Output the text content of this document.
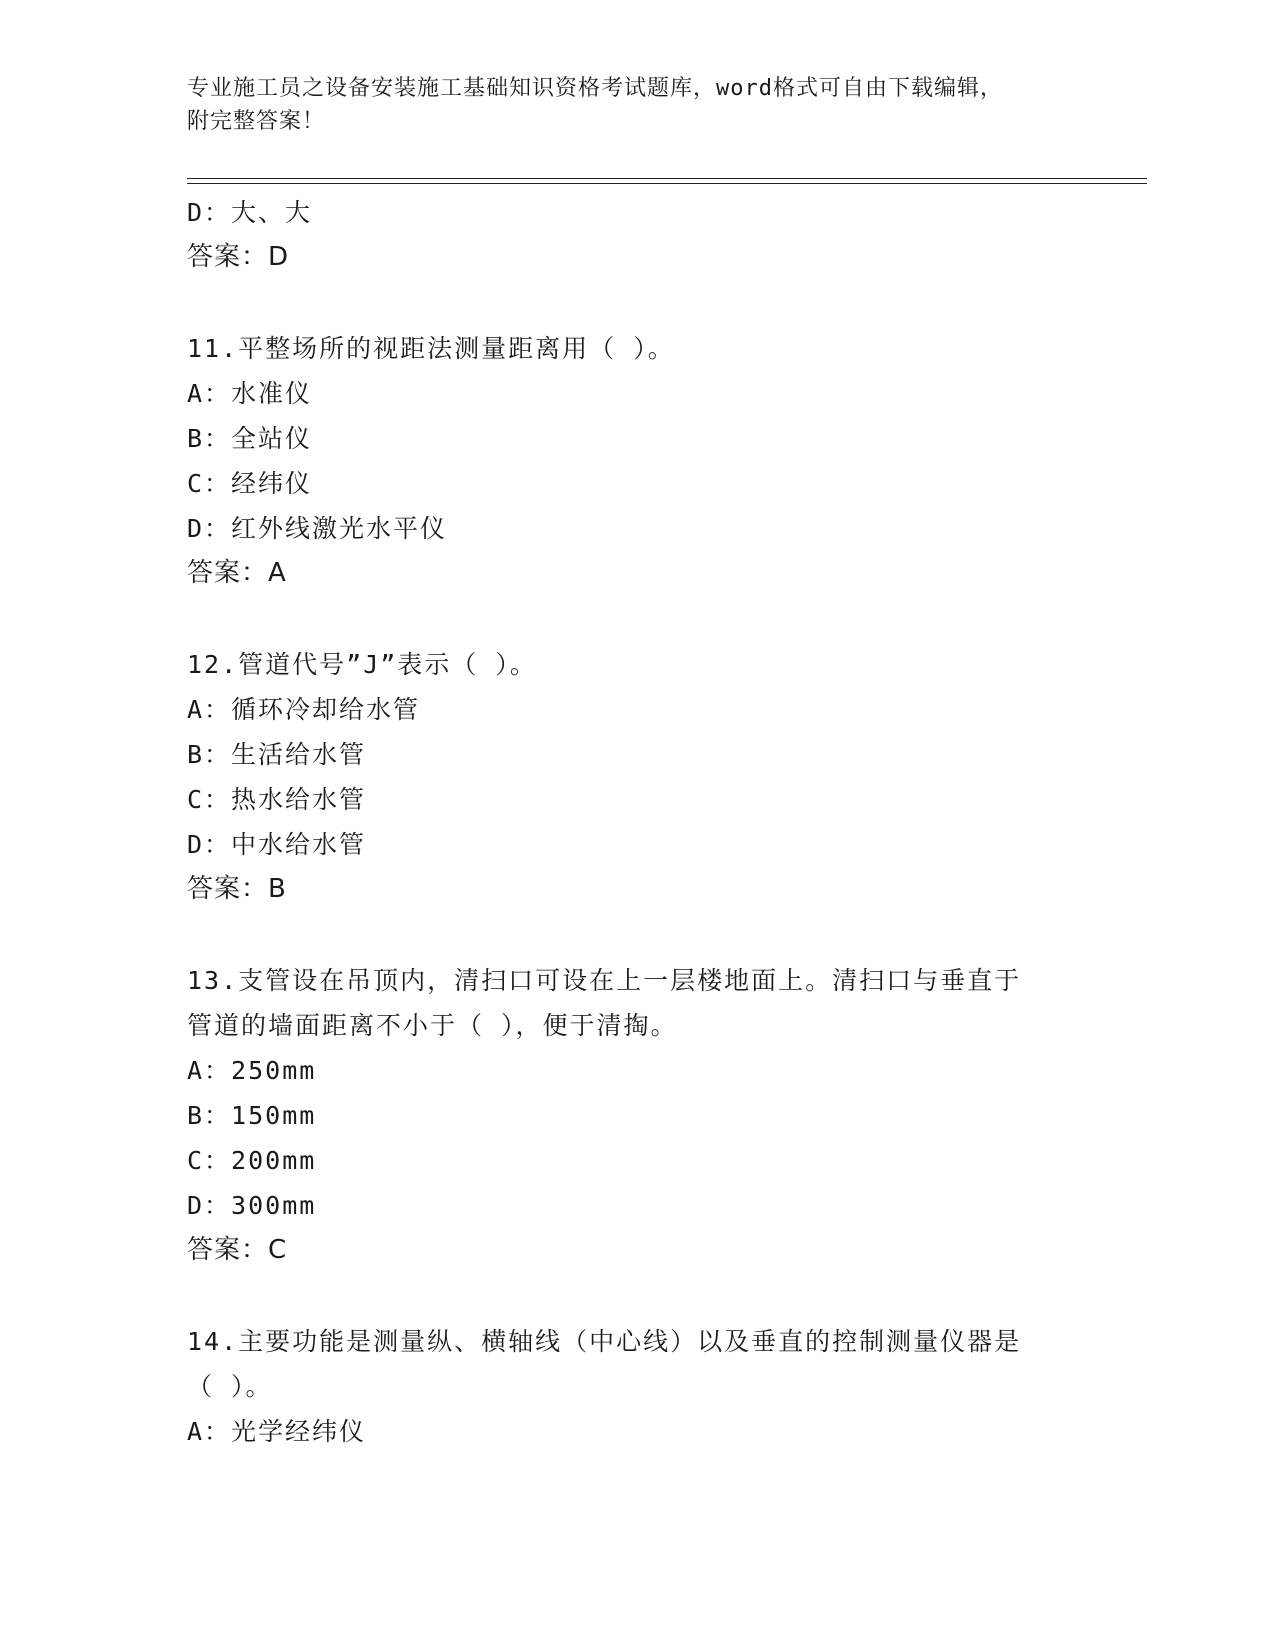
专业施工员之设备安装施工基础知识资格考试题库，word格式可自由下载编辑，
附完整答案！
D：大、大
答案：D
11.平整场所的视距法测量距离用（ ）。
A：水准仪
B：全站仪
C：经纬仪
D：红外线激光水平仪
答案：A
12.管道代号”J”表示（ ）。
A：循环冷却给水管
B：生活给水管
C：热水给水管
D：中水给水管
答案：B
13.支管设在吊顶内，清扫口可设在上一层楼地面上。清扫口与垂直于
管道的墙面距离不小于（ ），便于清掏。
A：250mm
B：150mm
C：200mm
D：300mm
答案：C
14.主要功能是测量纵、横轴线（中心线）以及垂直的控制测量仪器是
（ ）。
A：光学经纬仪
